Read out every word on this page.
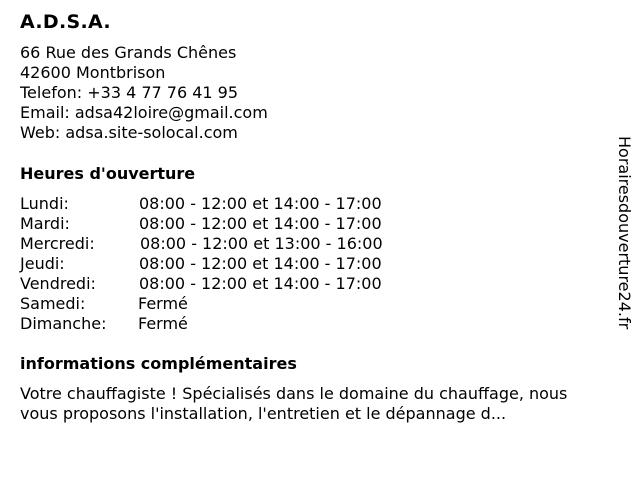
A.D.S.A.
66 Rue des Grands Chênes
42600 Montbrison
Telefon: +33 4 77 76 41 95
Email: adsa42loire@gmail.com
Web: adsa.site-solocal.com
Heures d'ouverture
Lundi:	08:00 - 12:00 et 14:00 - 17:00
Mardi:	08:00 - 12:00 et 14:00 - 17:00
Mercredi:	08:00 - 12:00 et 13:00 - 16:00
Jeudi:	08:00 - 12:00 et 14:00 - 17:00
Vendredi:	08:00 - 12:00 et 14:00 - 17:00
Samedi:	Fermé
Dimanche: Fermé
informations complémentaires
Votre chauffagiste ! Spécialisés dans le domaine du chauffage, nous
vous proposons l'installation, l'entretien et le dépannage d...
Horairesdouverture24.fr
